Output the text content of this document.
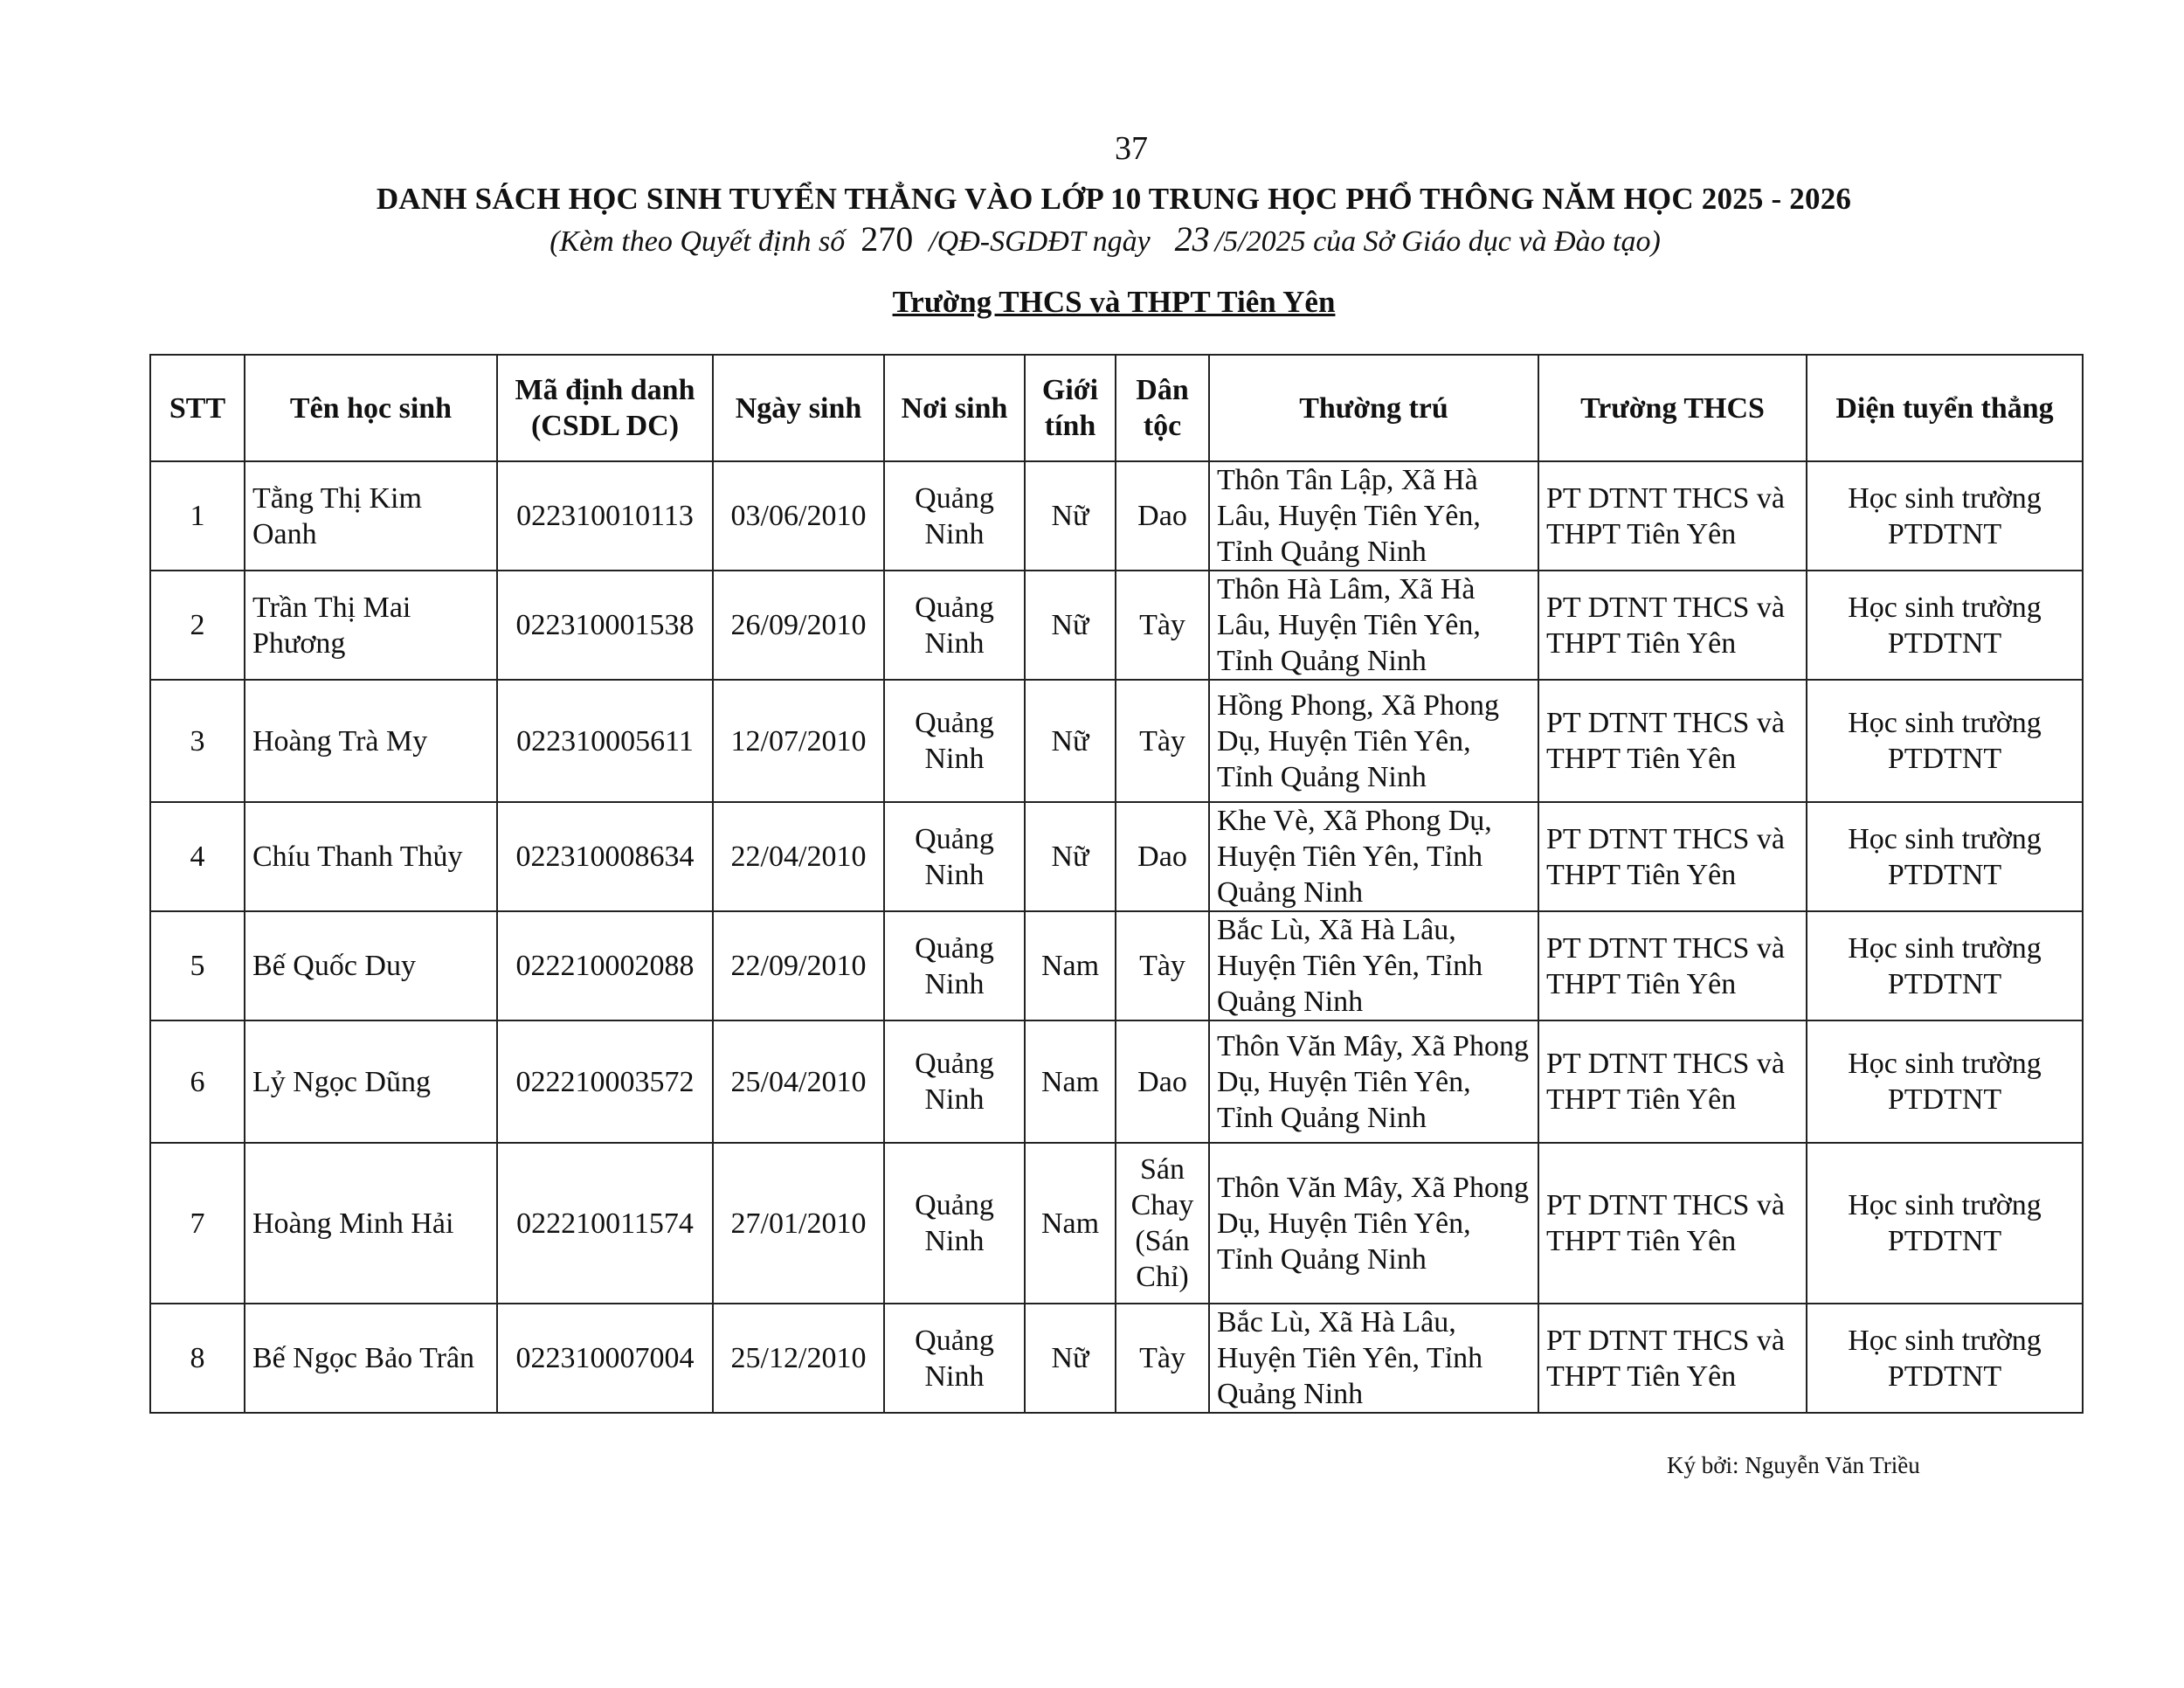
37
DANH SÁCH HỌC SINH TUYỂN THẲNG VÀO LỚP 10 TRUNG HỌC PHỔ THÔNG NĂM HỌC 2025 - 2026
(Kèm theo Quyết định số 270 /QĐ-SGDĐT ngày 23 /5/2025 của Sở Giáo dục và Đào tạo)
Trường THCS và THPT Tiên Yên
STT	Tên học sinh	Mã định danh (CSDL DC)	Ngày sinh	Nơi sinh	Giới tính	Dân tộc	Thường trú	Trường THCS	Diện tuyển thẳng
1	Tằng Thị Kim Oanh	022310010113	03/06/2010	Quảng Ninh	Nữ	Dao	Thôn Tân Lập, Xã Hà Lâu, Huyện Tiên Yên, Tỉnh Quảng Ninh	PT DTNT THCS và THPT Tiên Yên	Học sinh trường PTDTNT
2	Trần Thị Mai Phương	022310001538	26/09/2010	Quảng Ninh	Nữ	Tày	Thôn Hà Lâm, Xã Hà Lâu, Huyện Tiên Yên, Tỉnh Quảng Ninh	PT DTNT THCS và THPT Tiên Yên	Học sinh trường PTDTNT
3	Hoàng Trà My	022310005611	12/07/2010	Quảng Ninh	Nữ	Tày	Hồng Phong, Xã Phong Dụ, Huyện Tiên Yên, Tỉnh Quảng Ninh	PT DTNT THCS và THPT Tiên Yên	Học sinh trường PTDTNT
4	Chíu Thanh Thủy	022310008634	22/04/2010	Quảng Ninh	Nữ	Dao	Khe Vè, Xã Phong Dụ, Huyện Tiên Yên, Tỉnh Quảng Ninh	PT DTNT THCS và THPT Tiên Yên	Học sinh trường PTDTNT
5	Bế Quốc Duy	022210002088	22/09/2010	Quảng Ninh	Nam	Tày	Bắc Lù, Xã Hà Lâu, Huyện Tiên Yên, Tỉnh Quảng Ninh	PT DTNT THCS và THPT Tiên Yên	Học sinh trường PTDTNT
6	Lỷ Ngọc Dũng	022210003572	25/04/2010	Quảng Ninh	Nam	Dao	Thôn Văn Mây, Xã Phong Dụ, Huyện Tiên Yên, Tỉnh Quảng Ninh	PT DTNT THCS và THPT Tiên Yên	Học sinh trường PTDTNT
7	Hoàng Minh Hải	022210011574	27/01/2010	Quảng Ninh	Nam	Sán Chay (Sán Chỉ)	Thôn Văn Mây, Xã Phong Dụ, Huyện Tiên Yên, Tỉnh Quảng Ninh	PT DTNT THCS và THPT Tiên Yên	Học sinh trường PTDTNT
8	Bế Ngọc Bảo Trân	022310007004	25/12/2010	Quảng Ninh	Nữ	Tày	Bắc Lù, Xã Hà Lâu, Huyện Tiên Yên, Tỉnh Quảng Ninh	PT DTNT THCS và THPT Tiên Yên	Học sinh trường PTDTNT
Ký bởi: Nguyễn Văn Triều
